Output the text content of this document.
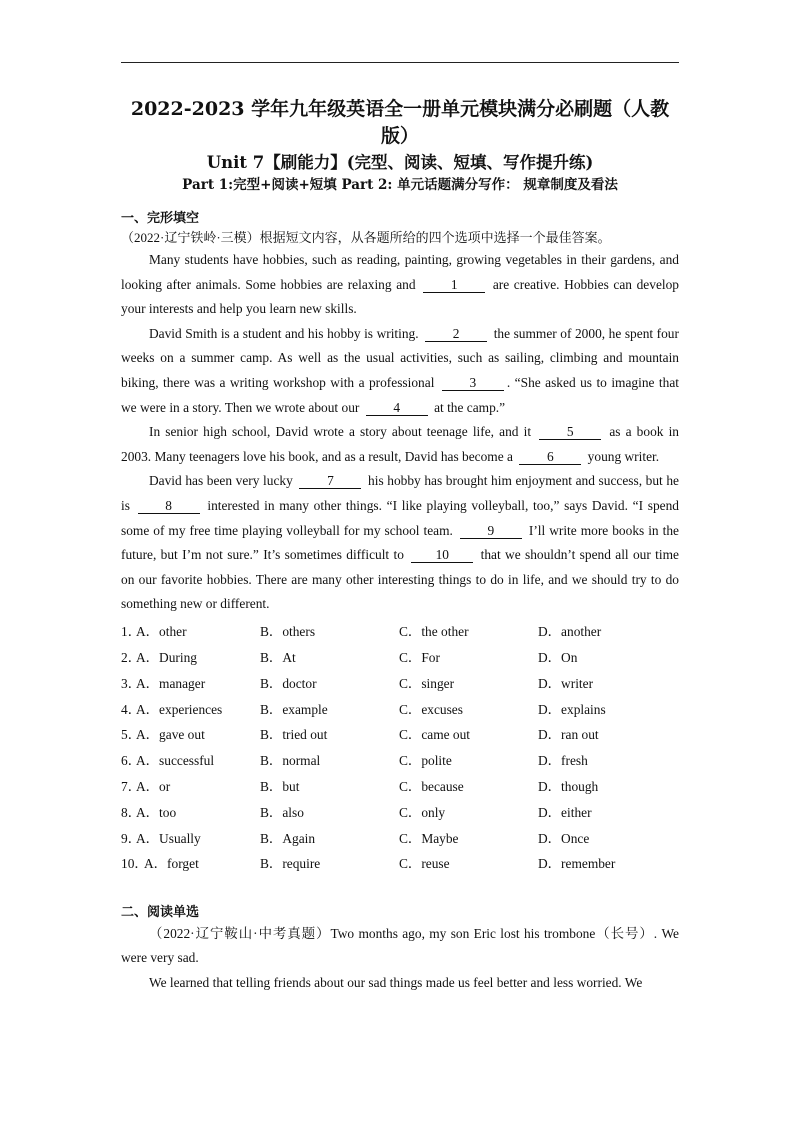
2022-2023 学年九年级英语全一册单元模块满分必刷题（人教
版）
Unit 7【刷能力】(完型、阅读、短填、写作提升练)
Part 1:完型+阅读+短填 Part 2: 单元话题满分写作： 规章制度及看法

一、完形填空

（2022·辽宁铁岭·三模）根据短文内容，从各题所给的四个选项中选择一个最佳答案。

Many students have hobbies, such as reading, painting, growing vegetables in their gardens, and looking after animals. Some hobbies are relaxing and	1	are creative. Hobbies can develop your interests and help you learn new skills.

David Smith is a student and his hobby is writing.	2	the summer of 2000, he spent four weeks on a summer camp. As well as the usual activities, such as sailing, climbing and mountain biking, there was a writing workshop with a professional	3 . “She asked us to imagine that we were in a story. Then we wrote about our	4	at the camp.”

In senior high school, David wrote a story about teenage life, and it	5	as a book in 2003. Many teenagers love his book, and as a result, David has become a	6	young writer.

David has been very lucky	7	his hobby has brought him enjoyment and success, but he is	8	interested in many other things. “I like playing volleyball, too,” says David. “I spend some of my free time playing volleyball for my school team.	9	I’ll write more books in the future, but I’m not sure.” It’s sometimes difficult to 10 that we shouldn’t spend all our time on our favorite hobbies. There are many other interesting things to do in life, and we should try to do something new or different.

1．
A．other	B．others	C．the other	D．another
2．
A．During	B．At	C．For	D．On
3．
A．manager	B．doctor	C．singer	D．writer
4．
A．experiences	B．example	C．excuses	D．explains
5．
A．gave out	B．tried out	C．came out	D．ran out
6．
A．successful	B．normal	C．polite	D．fresh
7．
A．or	B．but	C．because	D．though
8．
A．too	B．also	C．only	D．either
9．
A．Usually	B．Again	C．Maybe	D．Once
10．
A．forget	B．require	C．reuse	D．remember

二、阅读单选

（2022·辽宁鞍山·中考真题）Two months ago, my son Eric lost his trombone（长号）. We were very sad.

We learned that telling friends about our sad things made us feel better and less worried. We
